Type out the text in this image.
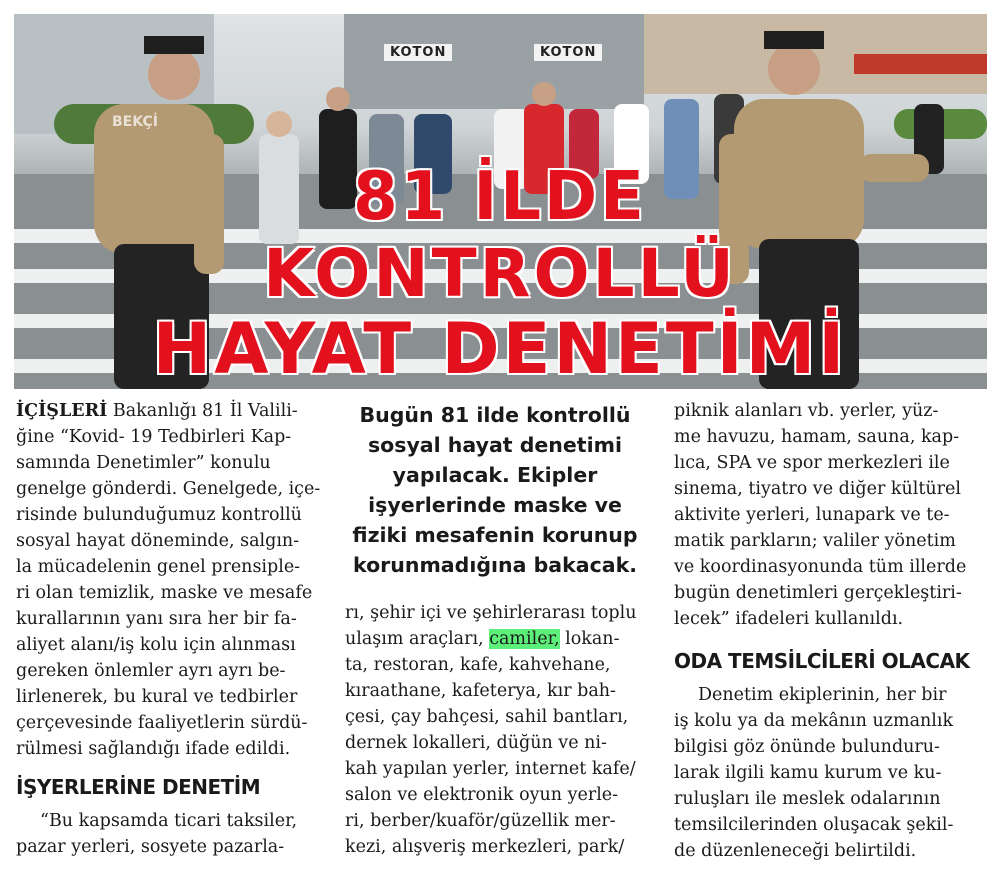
KOTON	KOTON
BEKÇİ
81 İLDE
KONTROLLÜ
HAYAT DENETİMİ

İÇİŞLERİ Bakanlığı 81 İl Valili-
ğine “Kovid- 19 Tedbirleri Kap-
samında Denetimler” konulu
genelge gönderdi. Genelgede, içe-
risinde bulunduğumuz kontrollü
sosyal hayat döneminde, salgın-
la mücadelenin genel prensiple-
ri olan temizlik, maske ve mesafe
kurallarının yanı sıra her bir fa-
aliyet alanı/iş kolu için alınması
gereken önlemler ayrı ayrı be-
lirlenerek, bu kural ve tedbirler
çerçevesinde faaliyetlerin sürdü-
rülmesi sağlandığı ifade edildi.

İŞYERLERİNE DENETİM

“Bu kapsamda ticari taksiler,
pazar yerleri, sosyete pazarla-

Bugün 81 ilde kontrollü
sosyal hayat denetimi
yapılacak. Ekipler
işyerlerinde maske ve
fiziki mesafenin korunup
korunmadığına bakacak.

rı, şehir içi ve şehirlerarası toplu
ulaşım araçları, camiler, lokan-
ta, restoran, kafe, kahvehane,
kıraathane, kafeterya, kır bah-
çesi, çay bahçesi, sahil bantları,
dernek lokalleri, düğün ve ni-
kah yapılan yerler, internet kafe/
salon ve elektronik oyun yerle-
ri, berber/kuaför/güzellik mer-
kezi, alışveriş merkezleri, park/

piknik alanları vb. yerler, yüz-
me havuzu, hamam, sauna, kap-
lıca, SPA ve spor merkezleri ile
sinema, tiyatro ve diğer kültürel
aktivite yerleri, lunapark ve te-
matik parkların; valiler yönetim
ve koordinasyonunda tüm illerde
bugün denetimleri gerçekleştiri-
lecek” ifadeleri kullanıldı.

ODA TEMSİLCİLERİ OLACAK

Denetim ekiplerinin, her bir
iş kolu ya da mekânın uzmanlık
bilgisi göz önünde bulunduru-
larak ilgili kamu kurum ve ku-
ruluşları ile meslek odalarının
temsilcilerinden oluşacak şekil-
de düzenleneceği belirtildi.
